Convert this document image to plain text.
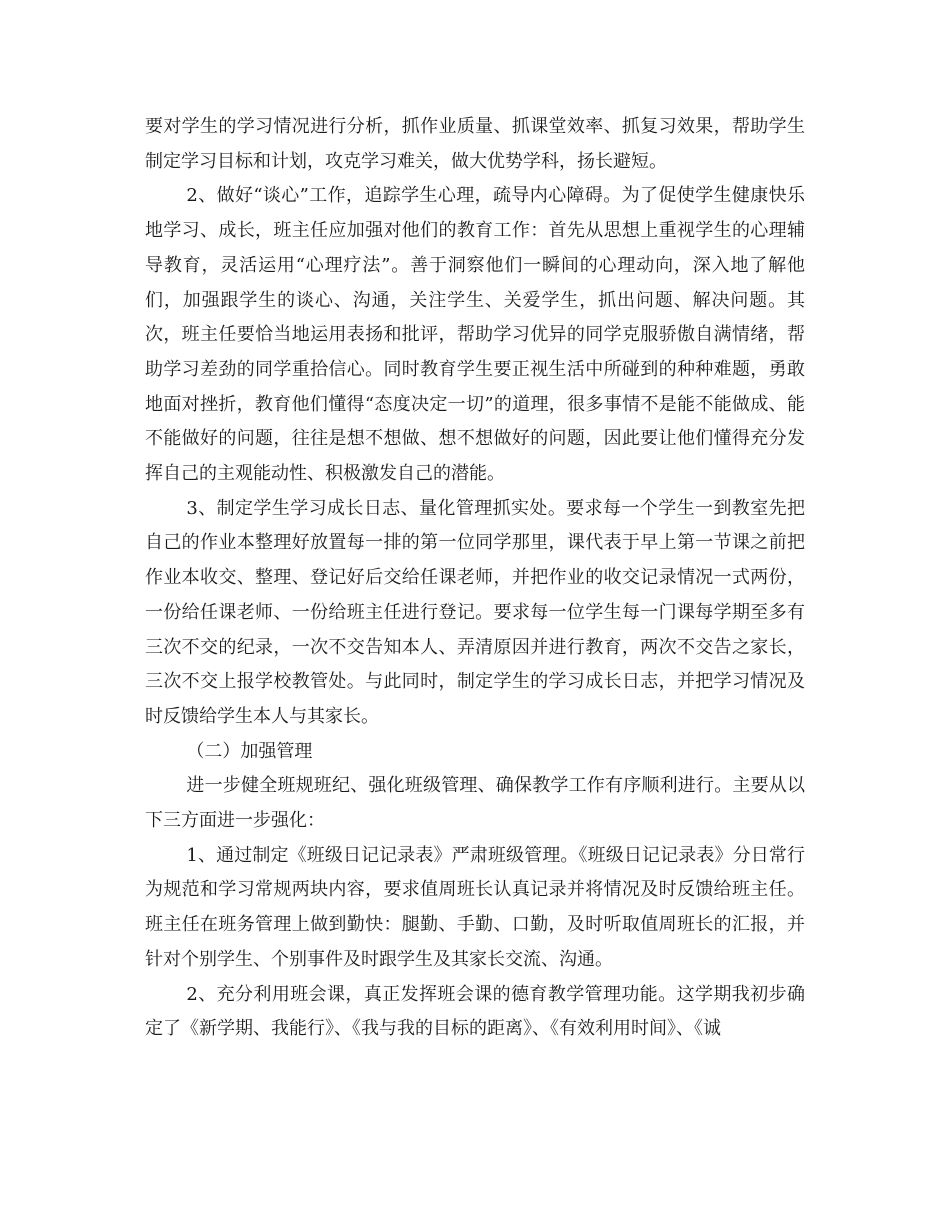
要对学生的学习情况进行分析，抓作业质量、抓课堂效率、抓复习效果，帮助学生制定学习目标和计划，攻克学习难关，做大优势学科，扬长避短。

2、做好“谈心”工作，追踪学生心理，疏导内心障碍。为了促使学生健康快乐地学习、成长，班主任应加强对他们的教育工作：首先从思想上重视学生的心理辅导教育，灵活运用“心理疗法”。善于洞察他们一瞬间的心理动向，深入地了解他们，加强跟学生的谈心、沟通，关注学生、关爱学生，抓出问题、解决问题。其次，班主任要恰当地运用表扬和批评，帮助学习优异的同学克服骄傲自满情绪，帮助学习差劲的同学重拾信心。同时教育学生要正视生活中所碰到的种种难题，勇敢地面对挫折，教育他们懂得“态度决定一切”的道理，很多事情不是能不能做成、能不能做好的问题，往往是想不想做、想不想做好的问题，因此要让他们懂得充分发挥自己的主观能动性、积极激发自己的潜能。

3、制定学生学习成长日志、量化管理抓实处。要求每一个学生一到教室先把自己的作业本整理好放置每一排的第一位同学那里，课代表于早上第一节课之前把作业本收交、整理、登记好后交给任课老师，并把作业的收交记录情况一式两份，一份给任课老师、一份给班主任进行登记。要求每一位学生每一门课每学期至多有三次不交的纪录，一次不交告知本人、弄清原因并进行教育，两次不交告之家长，三次不交上报学校教管处。与此同时，制定学生的学习成长日志，并把学习情况及时反馈给学生本人与其家长。

（二）加强管理

进一步健全班规班纪、强化班级管理、确保教学工作有序顺利进行。主要从以下三方面进一步强化：

1、通过制定《班级日记记录表》严肃班级管理。《班级日记记录表》分日常行为规范和学习常规两块内容，要求值周班长认真记录并将情况及时反馈给班主任。班主任在班务管理上做到勤快：腿勤、手勤、口勤，及时听取值周班长的汇报，并针对个别学生、个别事件及时跟学生及其家长交流、沟通。

2、充分利用班会课，真正发挥班会课的德育教学管理功能。这学期我初步确定了《新学期、我能行》、《我与我的目标的距离》、《有效利用时间》、《诚
